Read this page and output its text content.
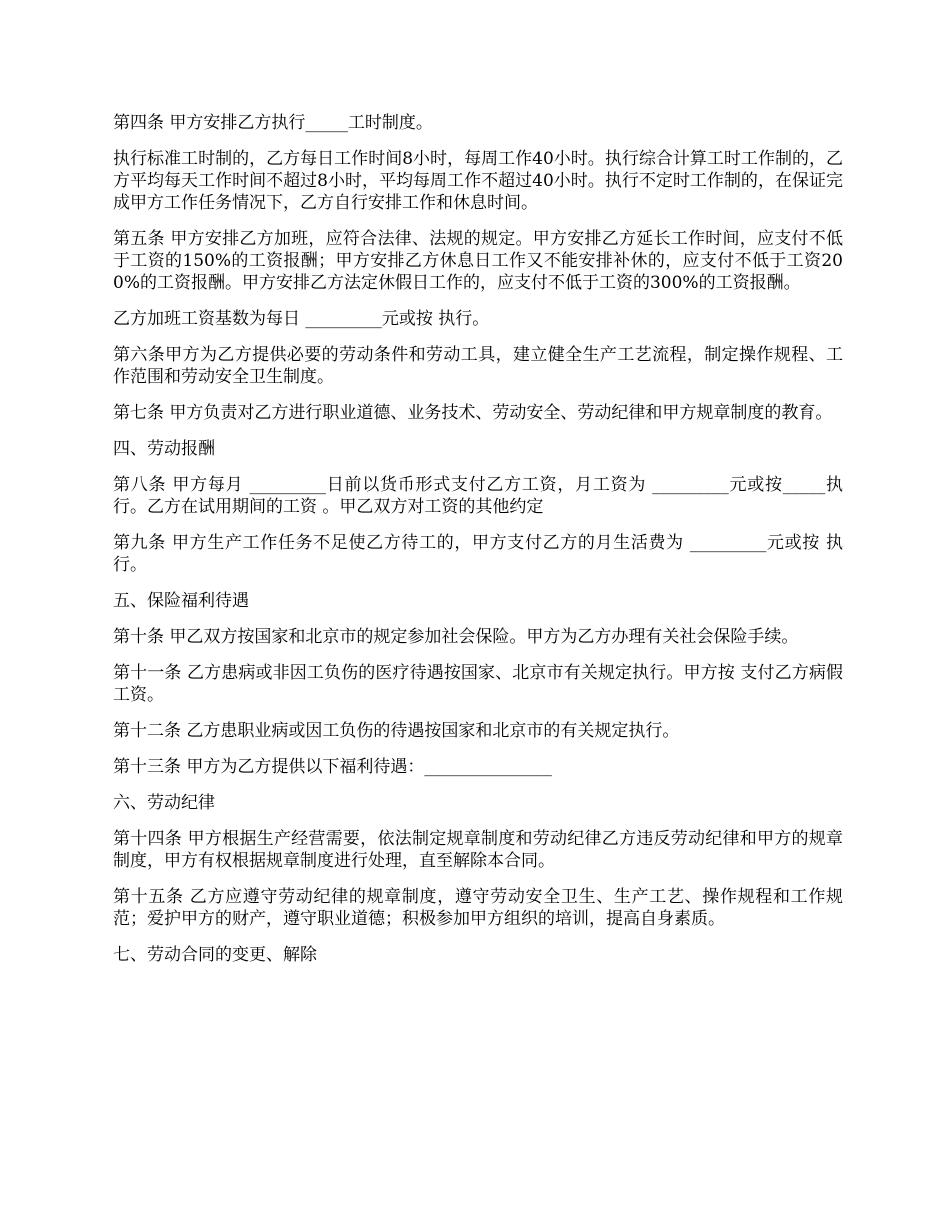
第四条 甲方安排乙方执行_____工时制度。

执行标准工时制的，乙方每日工作时间8小时，每周工作40小时。执行综合计算工时工作制的，乙方平均每天工作时间不超过8小时，平均每周工作不超过40小时。执行不定时工作制的，在保证完成甲方工作任务情况下，乙方自行安排工作和休息时间。

第五条 甲方安排乙方加班，应符合法律、法规的规定。甲方安排乙方延长工作时间，应支付不低于工资的150%的工资报酬；甲方安排乙方休息日工作又不能安排补休的，应支付不低于工资200%的工资报酬。甲方安排乙方法定休假日工作的，应支付不低于工资的300%的工资报酬。

乙方加班工资基数为每日 _________元或按 执行。

第六条甲方为乙方提供必要的劳动条件和劳动工具，建立健全生产工艺流程，制定操作规程、工作范围和劳动安全卫生制度。

第七条 甲方负责对乙方进行职业道德、业务技术、劳动安全、劳动纪律和甲方规章制度的教育。

四、劳动报酬

第八条 甲方每月 _________日前以货币形式支付乙方工资，月工资为 _________元或按_____执行。乙方在试用期间的工资 。甲乙双方对工资的其他约定

第九条 甲方生产工作任务不足使乙方待工的，甲方支付乙方的月生活费为 _________元或按 执行。

五、保险福利待遇

第十条 甲乙双方按国家和北京市的规定参加社会保险。甲方为乙方办理有关社会保险手续。

第十一条 乙方患病或非因工负伤的医疗待遇按国家、北京市有关规定执行。甲方按 支付乙方病假工资。

第十二条 乙方患职业病或因工负伤的待遇按国家和北京市的有关规定执行。

第十三条 甲方为乙方提供以下福利待遇：_______________

六、劳动纪律

第十四条 甲方根据生产经营需要，依法制定规章制度和劳动纪律乙方违反劳动纪律和甲方的规章制度，甲方有权根据规章制度进行处理，直至解除本合同。

第十五条 乙方应遵守劳动纪律的规章制度，遵守劳动安全卫生、生产工艺、操作规程和工作规范；爱护甲方的财产，遵守职业道德；积极参加甲方组织的培训，提高自身素质。

七、劳动合同的变更、解除
